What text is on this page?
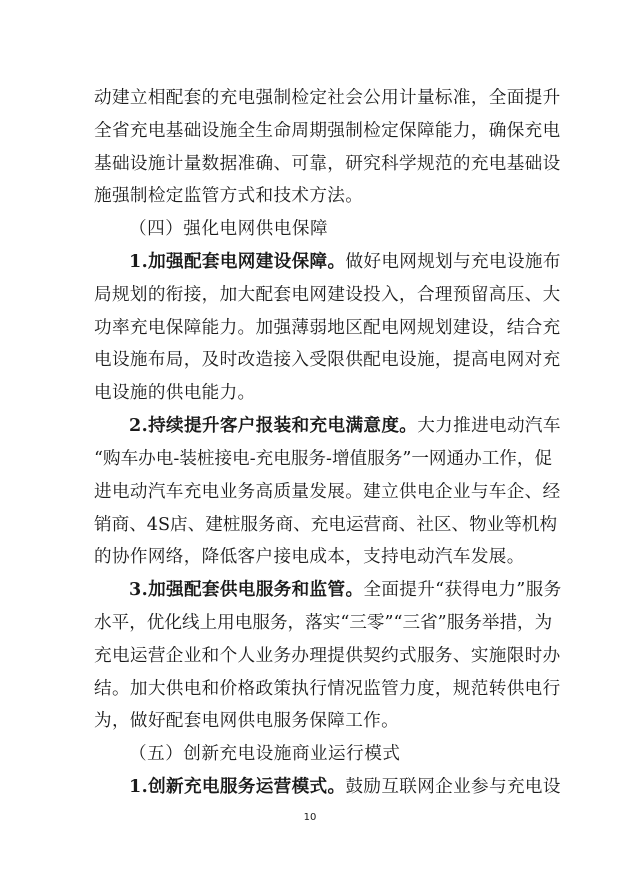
动建立相配套的充电强制检定社会公用计量标准，全面提升
全省充电基础设施全生命周期强制检定保障能力，确保充电
基础设施计量数据准确、可靠，研究科学规范的充电基础设
施强制检定监管方式和技术方法。
（四）强化电网供电保障
1.加强配套电网建设保障。做好电网规划与充电设施布
局规划的衔接，加大配套电网建设投入，合理预留高压、大
功率充电保障能力。加强薄弱地区配电网规划建设，结合充
电设施布局，及时改造接入受限供配电设施，提高电网对充
电设施的供电能力。
2.持续提升客户报装和充电满意度。大力推进电动汽车
“购车办电-装桩接电-充电服务-增值服务”一网通办工作，促
进电动汽车充电业务高质量发展。建立供电企业与车企、经
销商、4S店、建桩服务商、充电运营商、社区、物业等机构
的协作网络，降低客户接电成本，支持电动汽车发展。
3.加强配套供电服务和监管。全面提升“获得电力”服务
水平，优化线上用电服务，落实“三零”“三省”服务举措，为
充电运营企业和个人业务办理提供契约式服务、实施限时办
结。加大供电和价格政策执行情况监管力度，规范转供电行
为，做好配套电网供电服务保障工作。
（五）创新充电设施商业运行模式
1.创新充电服务运营模式。鼓励互联网企业参与充电设
10
